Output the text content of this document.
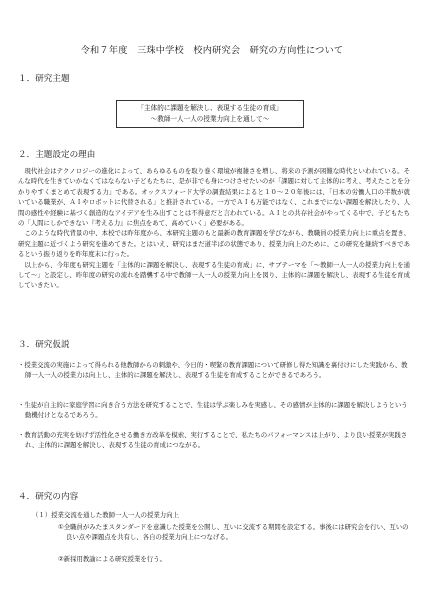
令和７年度　三珠中学校　校内研究会　研究の方向性について
１．研究主題
「主体的に課題を解決し、表現する生徒の育成」
～教師一人一人の授業力向上を通して～
２．主題設定の理由

現代社会はテクノロジーの進化によって、あらゆるものを取り巻く環境が複雑さを増し、将来の予測が困難な時代といわれている。そんな時代を生きていかなくてはならない子どもたちに、是が非でも身につけさせたいのが「課題に対して主体的に考え、考えたことを分かりやすくまとめて表現する力」である。オックスフォード大学の調査結果によると１０～２０年後には、「日本の労働人口の半数が就いている職業が、ＡＩやロボットに代替される」と推計されている。一方でＡＩも万能ではなく、これまでにない課題を解決したり、人間の感性や経験に基づく創造的なアイデアを生み出すことは不得意だと言われている。ＡＩとの共存社会がやってくる中で、子どもたちの「人間にしかできない『考える力』に焦点をあて、高めていく」必要がある。

このような時代背景の中、本校では昨年度から、本研究主題のもと最新の教育課題を学びながら、教職員の授業力向上に重点を置き、研究主題に近づくよう研究を進めてきた。とはいえ、研究はまだ道半ばの状態であり、授業力向上のために、この研究を継続すべきであるという振り返りを昨年度末に行った。

以上から、今年度も研究主題を「主体的に課題を解決し、表現する生徒の育成」に、サブテーマを「～教師一人一人の授業力向上を通して～」と設定し、昨年度の研究の流れを踏襲する中で教師一人一人の授業力向上を図り、主体的に課題を解決し、表現する生徒を育成していきたい。

３．研究仮説
・授業交流の実施によって得られる他教師からの刺激や、今日的・喫緊の教育課題について研修し得た知識を裏付けにした実践から、教師一人一人の授業力は向上し、主体的に課題を解決し、表現する生徒を育成することができるであろう。
・生徒が自主的に家庭学習に向き合う方法を研究することで、生徒は学ぶ楽しみを実感し、その感情が主体的に課題を解決しようという動機付けとなるであろう。
・教育活動の充実を妨げず活性化させる働き方改革を模索、実行することで、私たちのパフォーマンスは上がり、より良い授業が実践され、主体的に課題を解決し、表現する生徒の育成につながる。
４．研究の内容
（１）授業交流を通した教師一人一人の授業力向上
①全職員がみたまスタンダードを意識した授業を公開し、互いに交流する期間を設定する。事後には研究会を行い、互いの良い点や課題点を共有し、各自の授業力向上につなげる。
②新採用教諭による研究授業を行う。
